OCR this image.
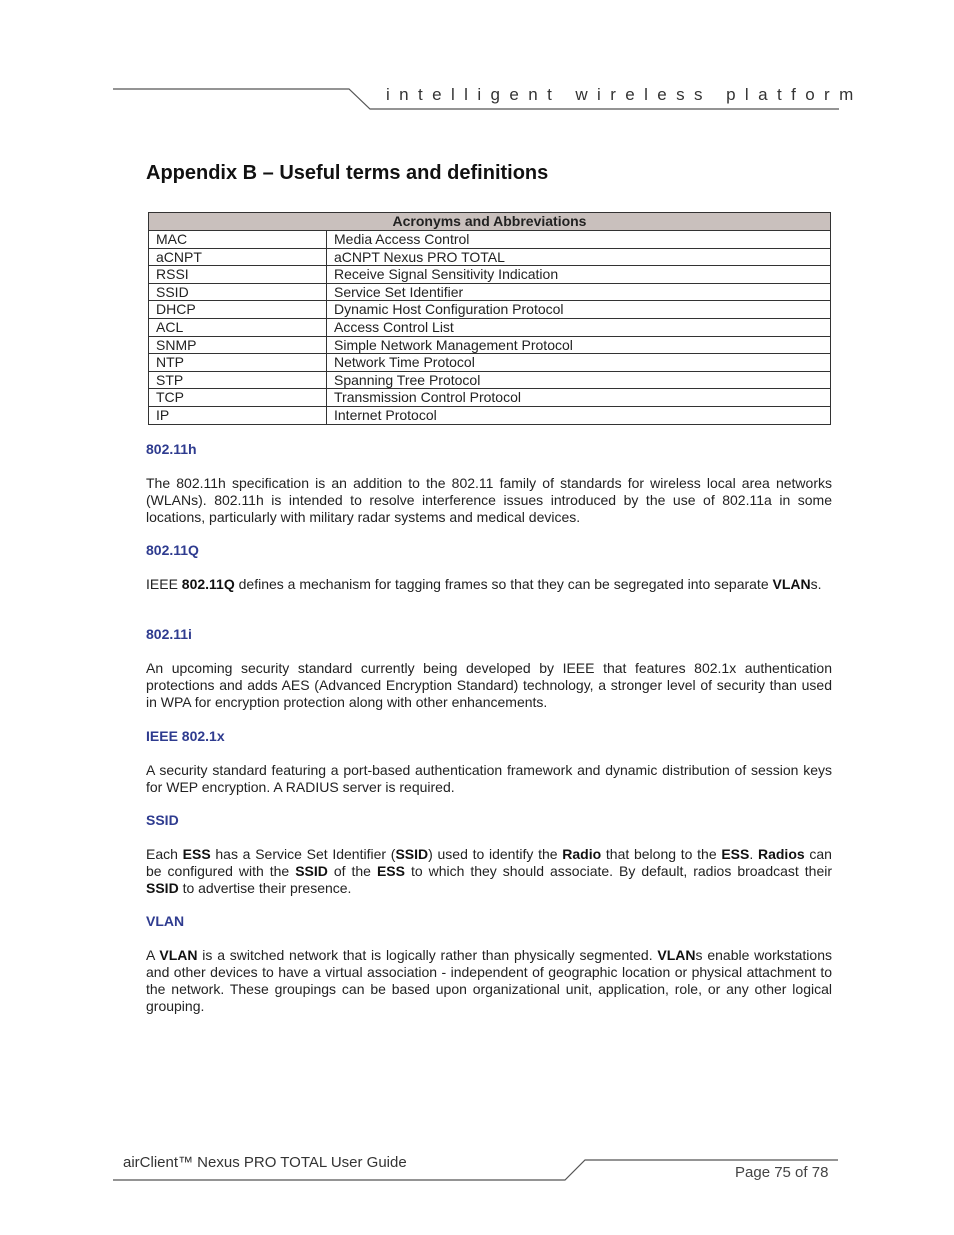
intelligent wireless platform
Appendix B – Useful terms and definitions
Acronyms and Abbreviations	
MAC	Media Access Control
aCNPT	aCNPT Nexus PRO TOTAL
RSSI	Receive Signal Sensitivity Indication
SSID	Service Set Identifier
DHCP	Dynamic Host Configuration Protocol
ACL	Access Control List
SNMP	Simple Network Management Protocol
NTP	Network Time Protocol
STP	Spanning Tree Protocol
TCP	Transmission Control Protocol
IP	Internet Protocol
802.11h

The 802.11h specification is an addition to the 802.11 family of standards for wireless local area networks (WLANs). 802.11h is intended to resolve interference issues introduced by the use of 802.11a in some locations, particularly with military radar systems and medical devices.

802.11Q

IEEE 802.11Q defines a mechanism for tagging frames so that they can be segregated into separate VLANs.

802.11i

An upcoming security standard currently being developed by IEEE that features 802.1x authentication protections and adds AES (Advanced Encryption Standard) technology, a stronger level of security than used in WPA for encryption protection along with other enhancements.

IEEE 802.1x

A security standard featuring a port-based authentication framework and dynamic distribution of session keys for WEP encryption. A RADIUS server is required.

SSID

Each ESS has a Service Set Identifier (SSID) used to identify the Radio that belong to the ESS. Radios can be configured with the SSID of the ESS to which they should associate. By default, radios broadcast their SSID to advertise their presence.

VLAN

A VLAN is a switched network that is logically rather than physically segmented. VLANs enable workstations and other devices to have a virtual association - independent of geographic location or physical attachment to the network. These groupings can be based upon organizational unit, application, role, or any other logical grouping.

airClient™ Nexus PRO TOTAL User Guide
Page 75 of 78
